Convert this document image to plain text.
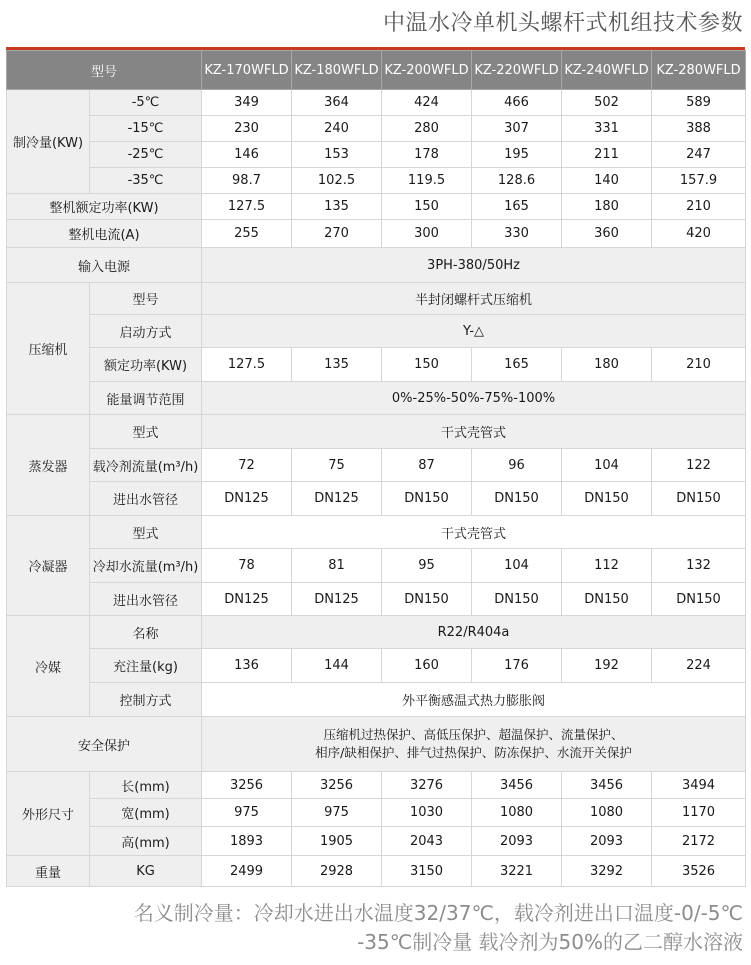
中温水冷单机头螺杆式机组技术参数
型号		KZ-170WFLD	KZ-180WFLD	KZ-200WFLD	KZ-220WFLD	KZ-240WFLD	KZ-280WFLD
制冷量(KW)	-5℃	349	364	424	466	502	589
	-15℃	230	240	280	307	331	388
	-25℃	146	153	178	195	211	247
	-35℃	98.7	102.5	119.5	128.6	140	157.9
整机额定功率(KW)		127.5	135	150	165	180	210
整机电流(A)		255	270	300	330	360	420
输入电源		3PH-380/50Hz					
压缩机	型号	半封闭螺杆式压缩机					
	启动方式	Y-△					
	额定功率(KW)	127.5	135	150	165	180	210
	能量调节范围	0%-25%-50%-75%-100%					
蒸发器	型式	干式壳管式					
	载冷剂流量(m³/h)	72	75	87	96	104	122
	进出水管径	DN125	DN125	DN150	DN150	DN150	DN150
冷凝器	型式	干式壳管式					
	冷却水流量(m³/h)	78	81	95	104	112	132
	进出水管径	DN125	DN125	DN150	DN150	DN150	DN150
冷媒	名称	R22/R404a					
	充注量(kg)	136	144	160	176	192	224
	控制方式	外平衡感温式热力膨胀阀					
安全保护		压缩机过热保护、高低压保护、超温保护、流量保护、
相序/缺相保护、排气过热保护、防冻保护、水流开关保护					

外形尺寸	长(mm)	3256	3256	3276	3456	3456	3494
	宽(mm)	975	975	1030	1080	1080	1170
	高(mm)	1893	1905	2043	2093	2093	2172
重量	KG	2499	2928	3150	3221	3292	3526
名义制冷量：冷却水进出水温度32/37℃，载冷剂进出口温度-0/-5℃
-35℃制冷量 载冷剂为50%的乙二醇水溶液
